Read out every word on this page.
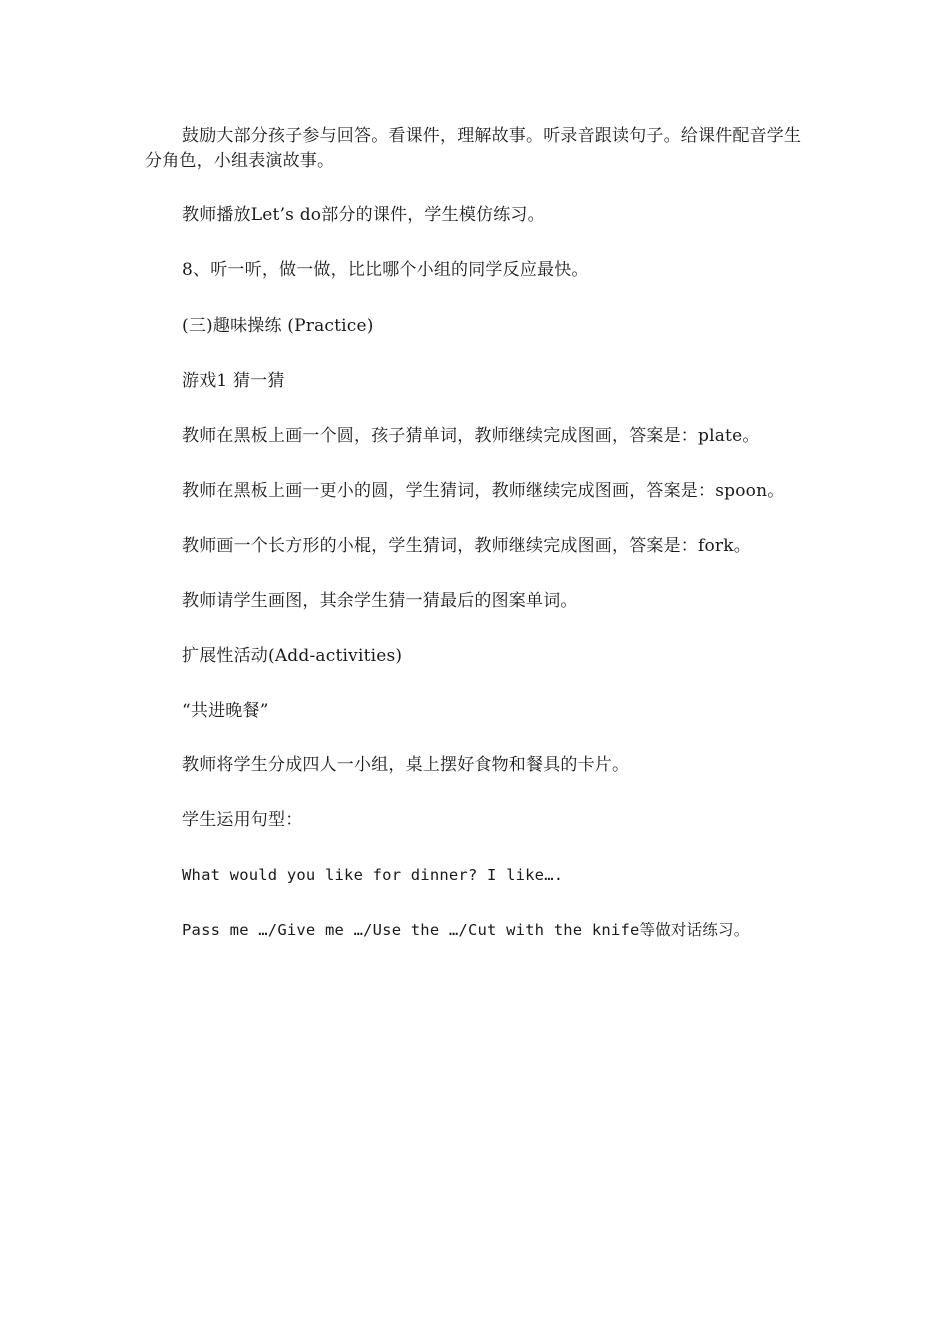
鼓励大部分孩子参与回答。看课件，理解故事。听录音跟读句子。给课件配音学生分角色，小组表演故事。
教师播放Let’s do部分的课件，学生模仿练习。
8、听一听，做一做，比比哪个小组的同学反应最快。
(三)趣味操练 (Practice)
游戏1 猜一猜
教师在黑板上画一个圆，孩子猜单词，教师继续完成图画，答案是：plate。
教师在黑板上画一更小的圆，学生猜词，教师继续完成图画，答案是：spoon。
教师画一个长方形的小棍，学生猜词，教师继续完成图画，答案是：fork。
教师请学生画图，其余学生猜一猜最后的图案单词。
扩展性活动(Add-activities)
“共进晚餐”
教师将学生分成四人一小组，桌上摆好食物和餐具的卡片。
学生运用句型：
What would you like for dinner? I like….
Pass me …/Give me …/Use the …/Cut with the knife等做对话练习。
